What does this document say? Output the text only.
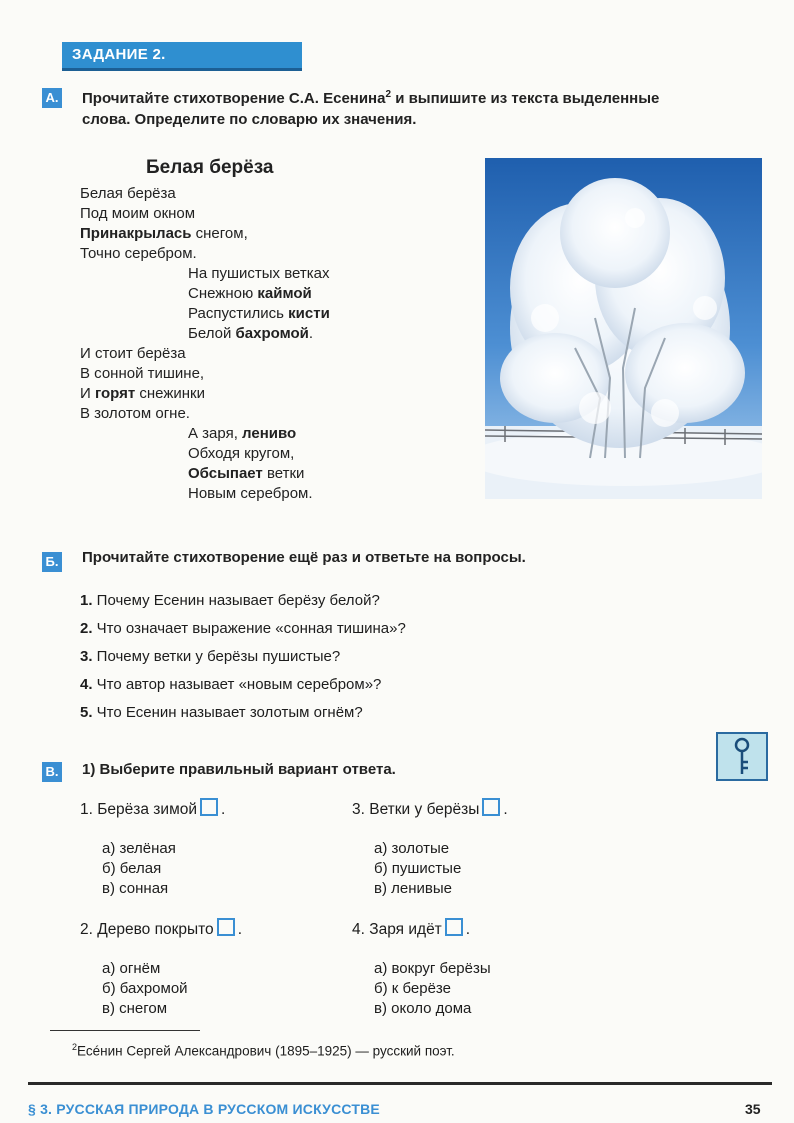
ЗАДАНИЕ 2.
А. Прочитайте стихотворение С.А. Есенина$^2$ и выпишите из текста выделенные
слова. Определите по словарю их значения.
Белая берёза
Белая берёза
Под моим окном
Принакрылась снегом,
Точно серебром.
На пушистых ветках
Снежною каймой
Распустились кисти
Белой бахромой.
И стоит берёза
В сонной тишине,
И горят снежинки
В золотом огне.
А заря, лениво
Обходя кругом,
Обсыпает ветки
Новым серебром.
Б. Прочитайте стихотворение ещё раз и ответьте на вопросы.
1. Почему Есенин называет берёзу белой?
2. Что означает выражение «сонная тишина»?
3. Почему ветки у берёзы пушистые?
4. Что автор называет «новым серебром»?
5. Что Есенин называет золотым огнём?
В. 1) Выберите правильный вариант ответа.
1. Берёза зимой .
а) зелёная
б) белая
в) сонная
3. Ветки у берёзы .
а) золотые
б) пушистые
в) ленивые
2. Дерево покрыто .
а) огнём
б) бахромой
в) снегом
4. Заря идёт .
а) вокруг берёзы
б) к берёзе
в) около дома
$^2$Есéнин Сергей Александрович (1895–1925) — русский поэт.
§ 3. РУССКАЯ ПРИРОДА В РУССКОМ ИСКУССТВЕ	35
